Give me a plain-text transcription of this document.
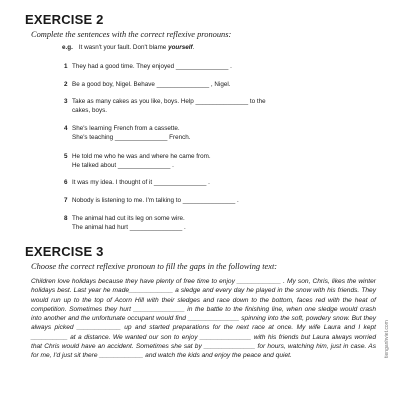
EXERCISE 2
Complete the sentences with the correct reflexive pronouns:
e.g. It wasn't your fault. Don't blame yourself.
1 They had a good time. They enjoyed _______________ .
2 Be a good boy, Nigel. Behave _______________ , Nigel.
3 Take as many cakes as you like, boys. Help _______________ to the
cakes, boys.
4 She's learning French from a cassette.
She's teaching _______________ French.
5 He told me who he was and where he came from.
He talked about _______________ .
6 It was my idea. I thought of it _______________ .
7 Nobody is listening to me. I'm talking to _______________ .
8 The animal had cut its leg on some wire.
The animal had hurt _______________ .
EXERCISE 3
Choose the correct reflexive pronoun to fill the gaps in the following text:

Children love holidays because they have plenty of free time to enjoy ____________ . My son, Chris, likes the winter holidays best. Last year he made____________ a sledge and every day he played in the snow with his friends. They would run up to the top of Acorn Hill with their sledges and race down to the bottom, faces red with the heat of competition. Sometimes they hurt ______________ in the battle to the finishing line, when one sledge would crash into another and the unfortunate occupant would find ______________ spinning into the soft, powdery snow. But they always picked ____________ up and started preparations for the next race at once. My wife Laura and I kept __________ at a distance. We wanted our son to enjoy ______________ with his friends but Laura always worried that Chris would have an accident. Sometimes she sat by ______________ for hours, watching him, just in case. As for me, I'd just sit there ____________ and watch the kids and enjoy the peace and quiet.	tienganhviet.com
